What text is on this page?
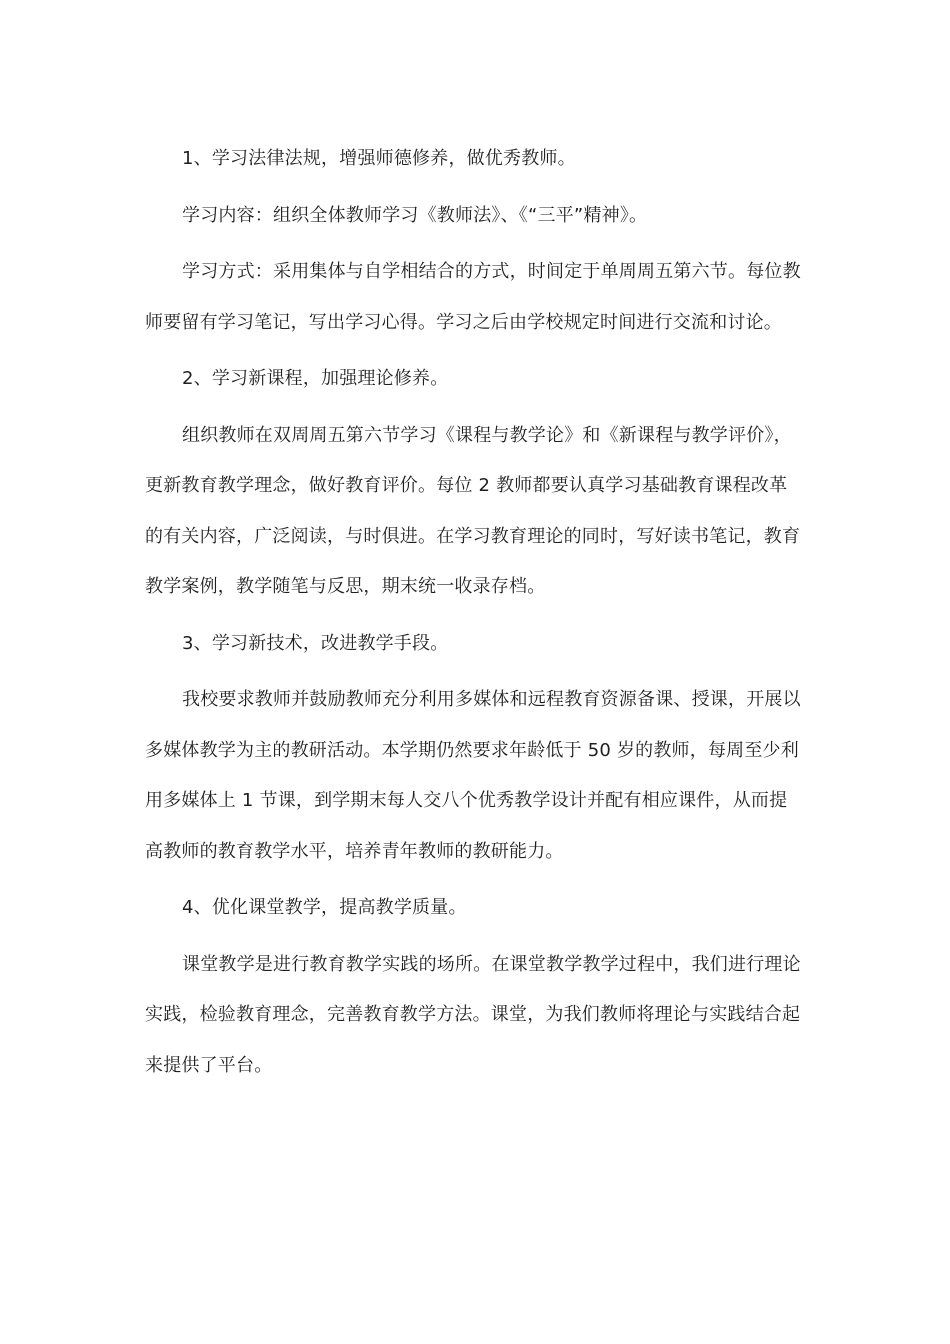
1、学习法律法规，增强师德修养，做优秀教师。

学习内容：组织全体教师学习《教师法》、《“三平”精神》。

学习方式：采用集体与自学相结合的方式，时间定于单周周五第六节。每位教师要留有学习笔记，写出学习心得。学习之后由学校规定时间进行交流和讨论。

2、学习新课程，加强理论修养。

组织教师在双周周五第六节学习《课程与教学论》和《新课程与教学评价》，更新教育教学理念，做好教育评价。每位 2 教师都要认真学习基础教育课程改革的有关内容，广泛阅读，与时俱进。在学习教育理论的同时，写好读书笔记，教育教学案例，教学随笔与反思，期末统一收录存档。

3、学习新技术，改进教学手段。

我校要求教师并鼓励教师充分利用多媒体和远程教育资源备课、授课，开展以多媒体教学为主的教研活动。本学期仍然要求年龄低于 50 岁的教师，每周至少利用多媒体上 1 节课，到学期末每人交八个优秀教学设计并配有相应课件，从而提高教师的教育教学水平，培养青年教师的教研能力。

4、优化课堂教学，提高教学质量。

课堂教学是进行教育教学实践的场所。在课堂教学教学过程中，我们进行理论实践，检验教育理念，完善教育教学方法。课堂，为我们教师将理论与实践结合起来提供了平台。
